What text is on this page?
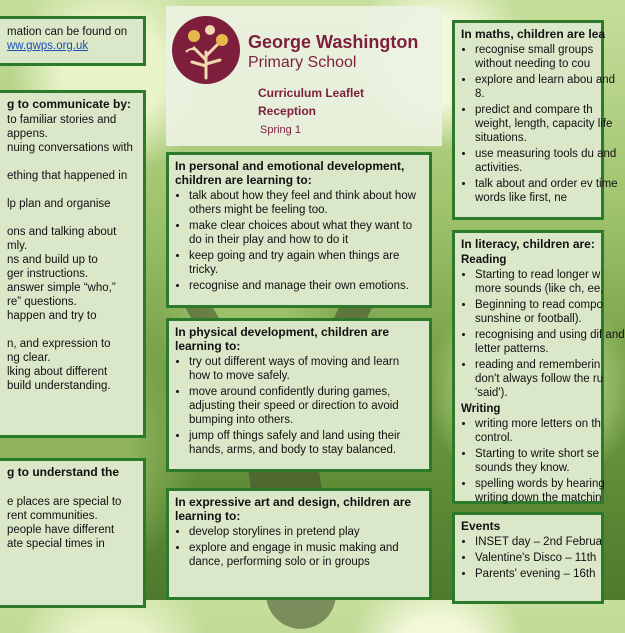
George Washington
Primary School
Curriculum Leaflet
Reception
Spring 1
mation can be found on
ww.gwps.org.uk
g to communicate by:
to familiar stories and
appens.
nuing conversations with
ething that happened in
lp plan and organise
ons and talking about
mly.
ns and build up to
ger instructions.
answer simple “who,”
re” questions.
happen and try to
n, and expression to
ng clear.
lking about different
build understanding.
g to understand the
e places are special to
rent communities.
people have different
ate special times in
In personal and emotional development, children are learning to:
• talk about how they feel and think about how others might be feeling too.
• make clear choices about what they want to do in their play and how to do it
• keep going and try again when things are tricky.
• recognise and manage their own emotions.
In physical development, children are learning to:
• try out different ways of moving and learn how to move safely.
• move around confidently during games, adjusting their speed or direction to avoid bumping into others.
• jump off things safely and land using their hands, arms, and body to stay balanced.
In expressive art and design, children are learning to:
• develop storylines in pretend play
• explore and engage in music making and dance, performing solo or in groups
In maths, children are lea
• recognise small groups without needing to cou
• explore and learn abou and 8.
• predict and compare th weight, length, capacity life situations.
• use measuring tools du and activities.
• talk about and order ev time words like first, ne
In literacy, children are:
Reading
• Starting to read longer w more sounds (like ch, ee,
• Beginning to read compo sunshine or football).
• recognising and using dif and letter patterns.
• reading and rememberin don't always follow the ru 'said').
Writing
• writing more letters on th control.
• Starting to write short se sounds they know.
• spelling words by hearing writing down the matchin
Events
• INSET day – 2nd Februa
• Valentine's Disco – 11th
• Parents' evening – 16th
